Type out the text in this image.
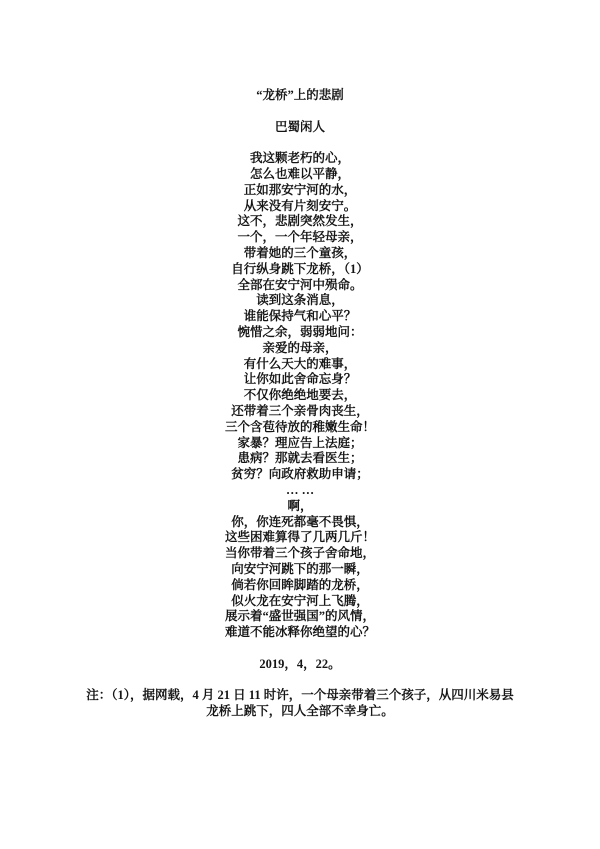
“龙桥”上的悲剧
巴蜀闲人
我这颗老朽的心，
怎么也难以平静，
正如那安宁河的水，
从来没有片刻安宁。
这不，悲剧突然发生，
一个，一个年轻母亲，
带着她的三个童孩，
自行纵身跳下龙桥，（1）
全部在安宁河中殒命。
读到这条消息，
谁能保持气和心平？
惋惜之余，弱弱地问：
亲爱的母亲，
有什么天大的难事，
让你如此舍命忘身？
不仅你绝绝地要去，
还带着三个亲骨肉丧生，
三个含苞待放的稚嫩生命！
家暴？理应告上法庭；
患病？那就去看医生；
贫穷？向政府救助申请；
… …
啊，
你，你连死都毫不畏惧，
这些困难算得了几两几斤！
当你带着三个孩子舍命地，
向安宁河跳下的那一瞬，
倘若你回眸脚踏的龙桥，
似火龙在安宁河上飞腾，
展示着“盛世强国”的风情，
难道不能冰释你绝望的心？
2019，4，22。
注：（1），据网载，4 月 21 日 11 时许，一个母亲带着三个孩子，从四川米易县
龙桥上跳下，四人全部不幸身亡。
